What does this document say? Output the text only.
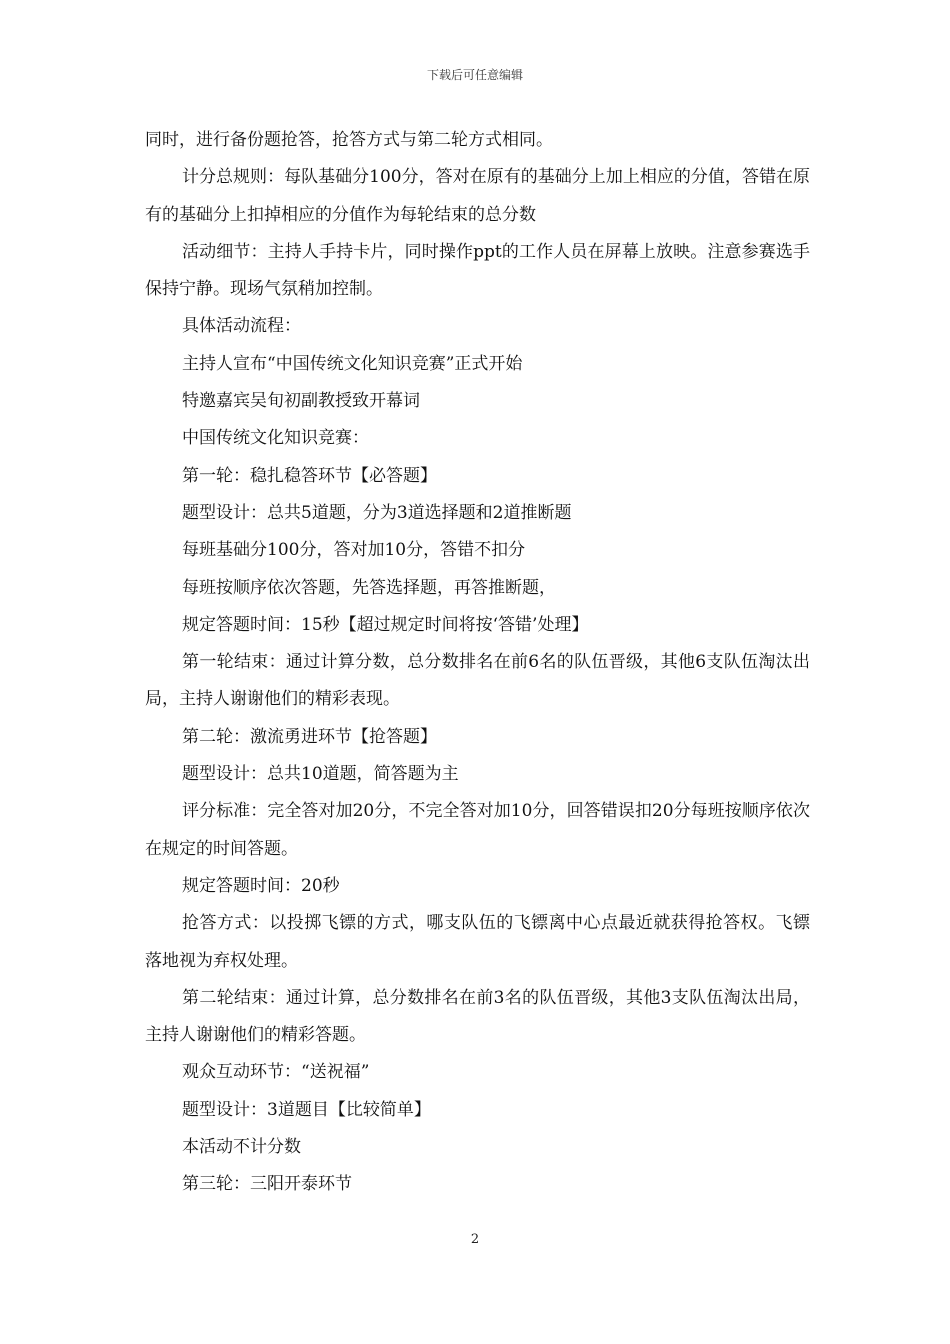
下载后可任意编辑

同时，进行备份题抢答，抢答方式与第二轮方式相同。

计分总规则：每队基础分100分，答对在原有的基础分上加上相应的分值，答错在原有的基础分上扣掉相应的分值作为每轮结束的总分数

活动细节：主持人手持卡片，同时操作ppt的工作人员在屏幕上放映。注意参赛选手保持宁静。现场气氛稍加控制。

具体活动流程：

主持人宣布“中国传统文化知识竞赛”正式开始

特邀嘉宾吴旬初副教授致开幕词

中国传统文化知识竞赛：

第一轮：稳扎稳答环节【必答题】

题型设计：总共5道题，分为3道选择题和2道推断题

每班基础分100分，答对加10分，答错不扣分

每班按顺序依次答题，先答选择题，再答推断题，

规定答题时间：15秒【超过规定时间将按‘答错’处理】

第一轮结束：通过计算分数，总分数排名在前6名的队伍晋级，其他6支队伍淘汰出局，主持人谢谢他们的精彩表现。

第二轮：激流勇进环节【抢答题】

题型设计：总共10道题，简答题为主

评分标准：完全答对加20分，不完全答对加10分，回答错误扣20分每班按顺序依次在规定的时间答题。

规定答题时间：20秒

抢答方式：以投掷飞镖的方式，哪支队伍的飞镖离中心点最近就获得抢答权。飞镖落地视为弃权处理。

第二轮结束：通过计算，总分数排名在前3名的队伍晋级，其他3支队伍淘汰出局，主持人谢谢他们的精彩答题。

观众互动环节：“送祝福”

题型设计：3道题目【比较简单】

本活动不计分数

第三轮：三阳开泰环节

2
